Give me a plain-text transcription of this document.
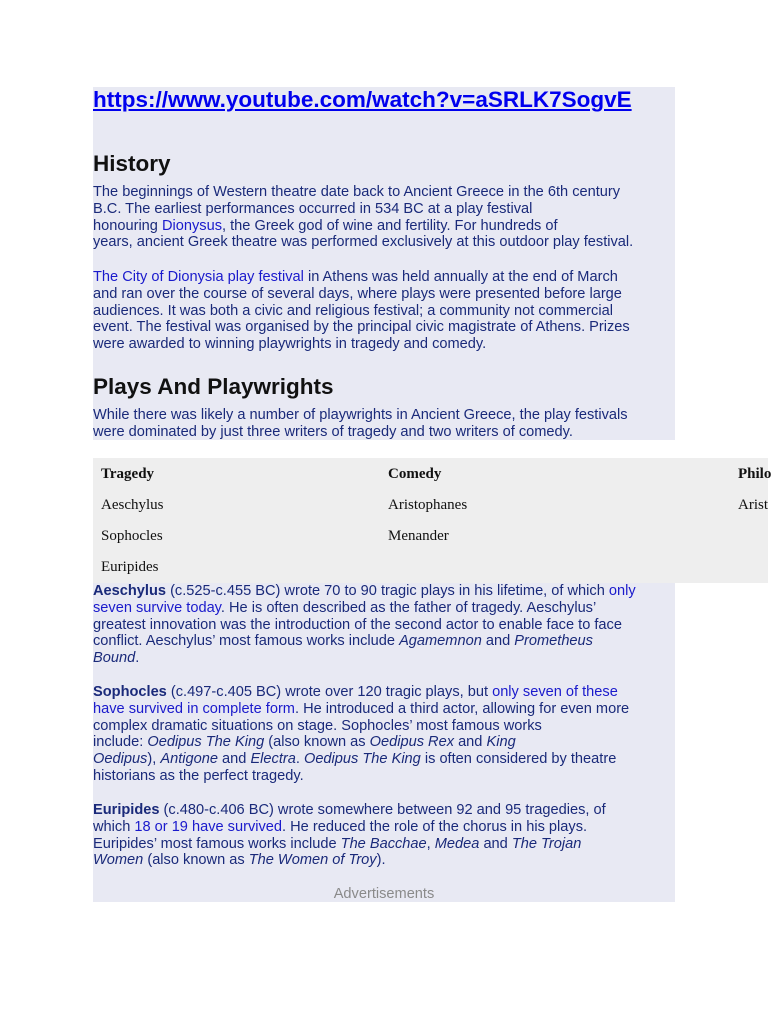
https://www.youtube.com/watch?v=aSRLK7SogvE
History

The beginnings of Western theatre date back to Ancient Greece in the 6th century
B.C. The earliest performances occurred in 534 BC at a play festival
honouring Dionysus, the Greek god of wine and fertility. For hundreds of
years, ancient Greek theatre was performed exclusively at this outdoor play festival.

The City of Dionysia play festival in Athens was held annually at the end of March
and ran over the course of several days, where plays were presented before large
audiences. It was both a civic and religious festival; a community not commercial
event. The festival was organised by the principal civic magistrate of Athens. Prizes
were awarded to winning playwrights in tragedy and comedy.

Plays And Playwrights

While there was likely a number of playwrights in Ancient Greece, the play festivals
were dominated by just three writers of tragedy and two writers of comedy.

Tragedy	Comedy	Philo
Aeschylus	Aristophanes	Arist
Sophocles	Menander
Euripides

Aeschylus (c.525-c.455 BC) wrote 70 to 90 tragic plays in his lifetime, of which only
seven survive today. He is often described as the father of tragedy. Aeschylus’
greatest innovation was the introduction of the second actor to enable face to face
conflict. Aeschylus’ most famous works include Agamemnon and Prometheus
Bound.

Sophocles (c.497-c.405 BC) wrote over 120 tragic plays, but only seven of these
have survived in complete form. He introduced a third actor, allowing for even more
complex dramatic situations on stage. Sophocles’ most famous works
include: Oedipus The King (also known as Oedipus Rex and King
Oedipus), Antigone and Electra. Oedipus The King is often considered by theatre
historians as the perfect tragedy.

Euripides (c.480-c.406 BC) wrote somewhere between 92 and 95 tragedies, of
which 18 or 19 have survived. He reduced the role of the chorus in his plays.
Euripides’ most famous works include The Bacchae, Medea and The Trojan
Women (also known as The Women of Troy).

Advertisements
